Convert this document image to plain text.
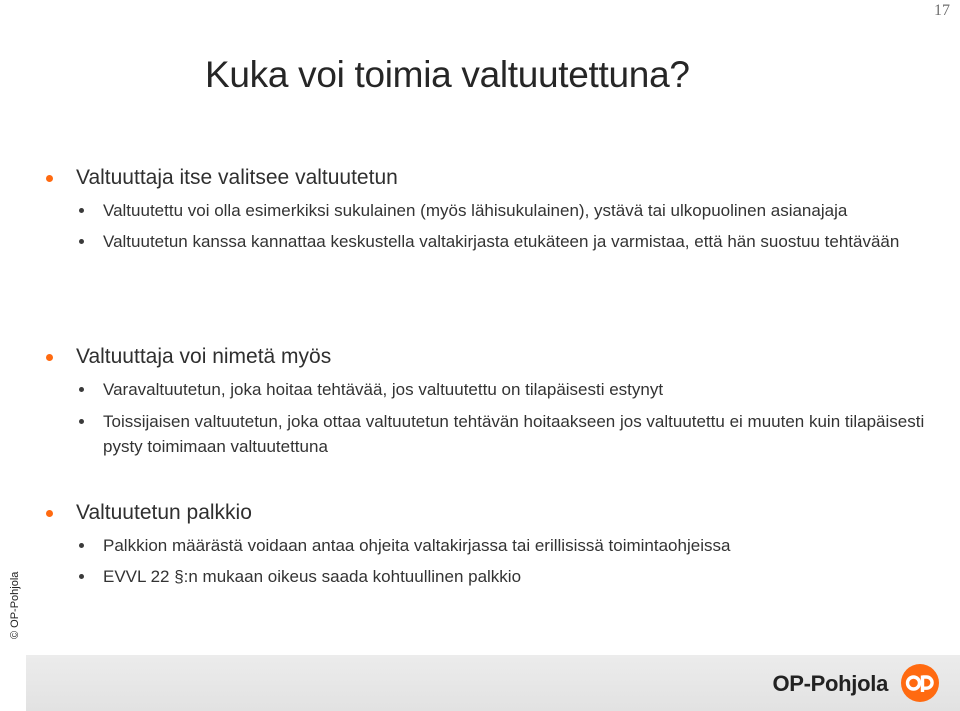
17
Kuka voi toimia valtuutettuna?

Valtuuttaja itse valitsee valtuutetun

Valtuutettu voi olla esimerkiksi sukulainen (myös lähisukulainen), ystävä tai ulkopuolinen asianajaja

Valtuutetun kanssa kannattaa keskustella valtakirjasta etukäteen ja varmistaa, että hän suostuu tehtävään

Valtuuttaja voi nimetä myös

Varavaltuutetun, joka hoitaa tehtävää, jos valtuutettu on tilapäisesti estynyt

Toissijaisen valtuutetun, joka ottaa valtuutetun tehtävän hoitaakseen jos valtuutettu ei muuten kuin tilapäisesti pysty toimimaan valtuutettuna

Valtuutetun palkkio

Palkkion määrästä voidaan antaa ohjeita valtakirjassa tai erillisissä toimintaohjeissa

EVVL 22 §:n mukaan oikeus saada kohtuullinen palkkio

© OP-Pohjola
OP-Pohjola
